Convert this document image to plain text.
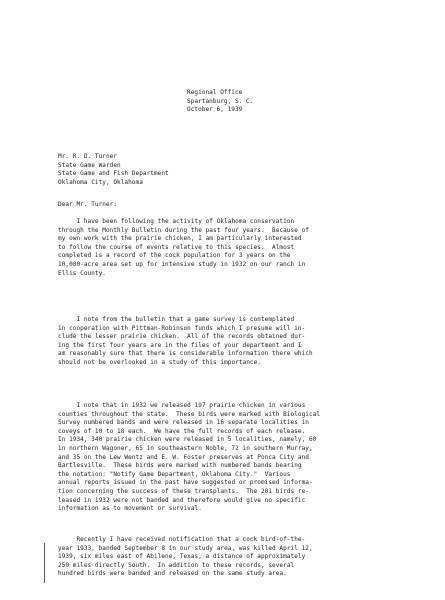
Regional Office
Spartanburg, S. C.
October 6, 1939
Mr. R. D. Turner
State Game Warden
State Game and Fish Department
Oklahoma City, Oklahoma
Dear Mr. Turner:
I have been following the activity of Oklahoma conservation
through the Monthly Bulletin during the past four years.  Because of
my own work with the prairie chicken, I am particularly interested
to follow the course of events relative to this species.  Almost
completed is a record of the cock population for 3 years on the
10,000-acre area set up for intensive study in 1932 on our ranch in
Ellis County.
I note from the bulletin that a game survey is contemplated
in cooperation with Pittman-Robinson funds which I presume will in-
clude the lesser prairie chicken.  All of the records obtained dur-
ing the first four years are in the files of your department and I
am reasonably sure that there is considerable information there which
should not be overlooked in a study of this importance.
I note that in 1932 we released 197 prairie chicken in various
counties throughout the state.  These birds were marked with Biological
Survey numbered bands and were released in 16 separate localities in
coveys of 10 to 18 each.  We have the full records of each release.
In 1934, 340 prairie chicken were released in 5 localities, namely, 60
in northern Wagoner, 65 in southeastern Noble, 72 in southern Murray,
and 35 on the Lew Wentz and E. W. Foster preserves at Ponca City and
Bartlesville.  These birds were marked with numbered bands bearing
the notation: "Notify Game Department, Oklahoma City."  Various
annual reports issued in the past have suggested or promised informa-
tion concerning the success of these transplants.  The 201 birds re-
leased in 1932 were not banded and therefore would give no specific
information as to movement or survival.
Recently I have received notification that a cock bird-of-the-
year 1933, banded September 8 in our study area, was killed April 12,
1939, six miles east of Abilene, Texas, a distance of approximately
250 miles directly South.  In addition to these records, several
hundred birds were banded and released on the same study area.
